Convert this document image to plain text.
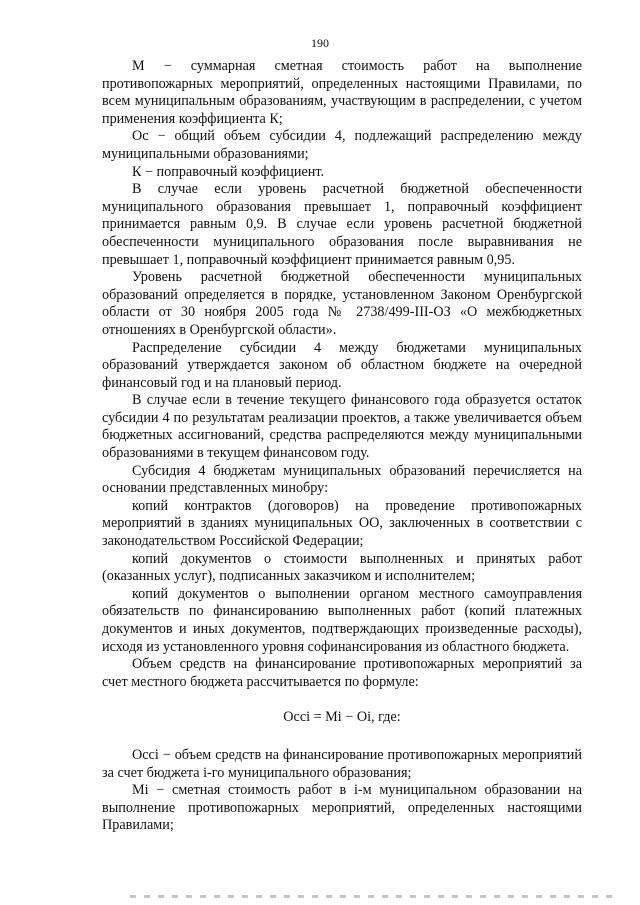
190

М − суммарная сметная стоимость работ на выполнение противопожарных мероприятий, определенных настоящими Правилами, по всем муниципальным образованиям, участвующим в распределении, с учетом применения коэффициента К;

Ос − общий объем субсидии 4, подлежащий распределению между муниципальными образованиями;

К − поправочный коэффициент.

В случае если уровень расчетной бюджетной обеспеченности муниципального образования превышает 1, поправочный коэффициент принимается равным 0,9. В случае если уровень расчетной бюджетной обеспеченности муниципального образования после выравнивания не превышает 1, поправочный коэффициент принимается равным 0,95.

Уровень расчетной бюджетной обеспеченности муниципальных образований определяется в порядке, установленном Законом Оренбургской области от 30 ноября 2005 года № 2738/499-III-ОЗ «О межбюджетных отношениях в Оренбургской области».

Распределение субсидии 4 между бюджетами муниципальных образований утверждается законом об областном бюджете на очередной финансовый год и на плановый период.

В случае если в течение текущего финансового года образуется остаток субсидии 4 по результатам реализации проектов, а также увеличивается объем бюджетных ассигнований, средства распределяются между муниципальными образованиями в текущем финансовом году.

Субсидия 4 бюджетам муниципальных образований перечисляется на основании представленных минобру:

копий контрактов (договоров) на проведение противопожарных мероприятий в зданиях муниципальных ОО, заключенных в соответствии с законодательством Российской Федерации;

копий документов о стоимости выполненных и принятых работ (оказанных услуг), подписанных заказчиком и исполнителем;

копий документов о выполнении органом местного самоуправления обязательств по финансированию выполненных работ (копий платежных документов и иных документов, подтверждающих произведенные расходы), исходя из установленного уровня софинансирования из областного бюджета.

Объем средств на финансирование противопожарных мероприятий за счет местного бюджета рассчитывается по формуле:

Осci = Mi − Oi, где:

Осci − объем средств на финансирование противопожарных мероприятий за счет бюджета i-го муниципального образования;

Mi − сметная стоимость работ в i-м муниципальном образовании на выполнение противопожарных мероприятий, определенных настоящими Правилами;
